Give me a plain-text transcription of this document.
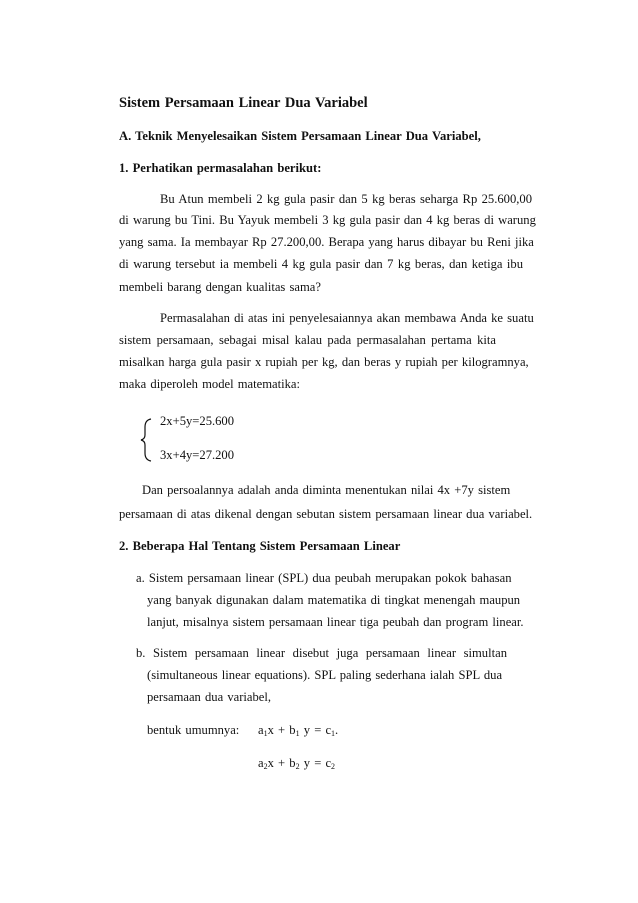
Sistem Persamaan Linear Dua Variabel
A. Teknik Menyelesaikan Sistem Persamaan Linear Dua Variabel,
1. Perhatikan permasalahan berikut:
Bu Atun membeli 2 kg gula pasir dan 5 kg beras seharga Rp 25.600,00
di warung bu Tini. Bu Yayuk membeli 3 kg gula pasir dan 4 kg beras di warung
yang sama. Ia membayar Rp 27.200,00. Berapa yang harus dibayar bu Reni jika
di warung tersebut ia membeli 4 kg gula pasir dan 7 kg beras, dan ketiga ibu
membeli barang dengan kualitas sama?
Permasalahan di atas ini penyelesaiannya akan membawa Anda ke suatu
sistem persamaan, sebagai misal kalau pada permasalahan pertama kita
misalkan harga gula pasir x rupiah per kg, dan beras y rupiah per kilogramnya,
maka diperoleh model matematika:
2x+5y=25.600
3x+4y=27.200
Dan persoalannya adalah anda diminta menentukan nilai 4x +7y sistem
persamaan di atas dikenal dengan sebutan sistem persamaan linear dua variabel.
2. Beberapa Hal Tentang Sistem Persamaan Linear
a. Sistem persamaan linear (SPL) dua peubah merupakan pokok bahasan
yang banyak digunakan dalam matematika di tingkat menengah maupun
lanjut, misalnya sistem persamaan linear tiga peubah dan program linear.
b. Sistem persamaan linear disebut juga persamaan linear simultan
(simultaneous linear equations). SPL paling sederhana ialah SPL dua
persamaan dua variabel,
bentuk umumnya: $a_1x + b_1$ $y = c_1$.
$a_2x + b_2$ $y = c_2$
